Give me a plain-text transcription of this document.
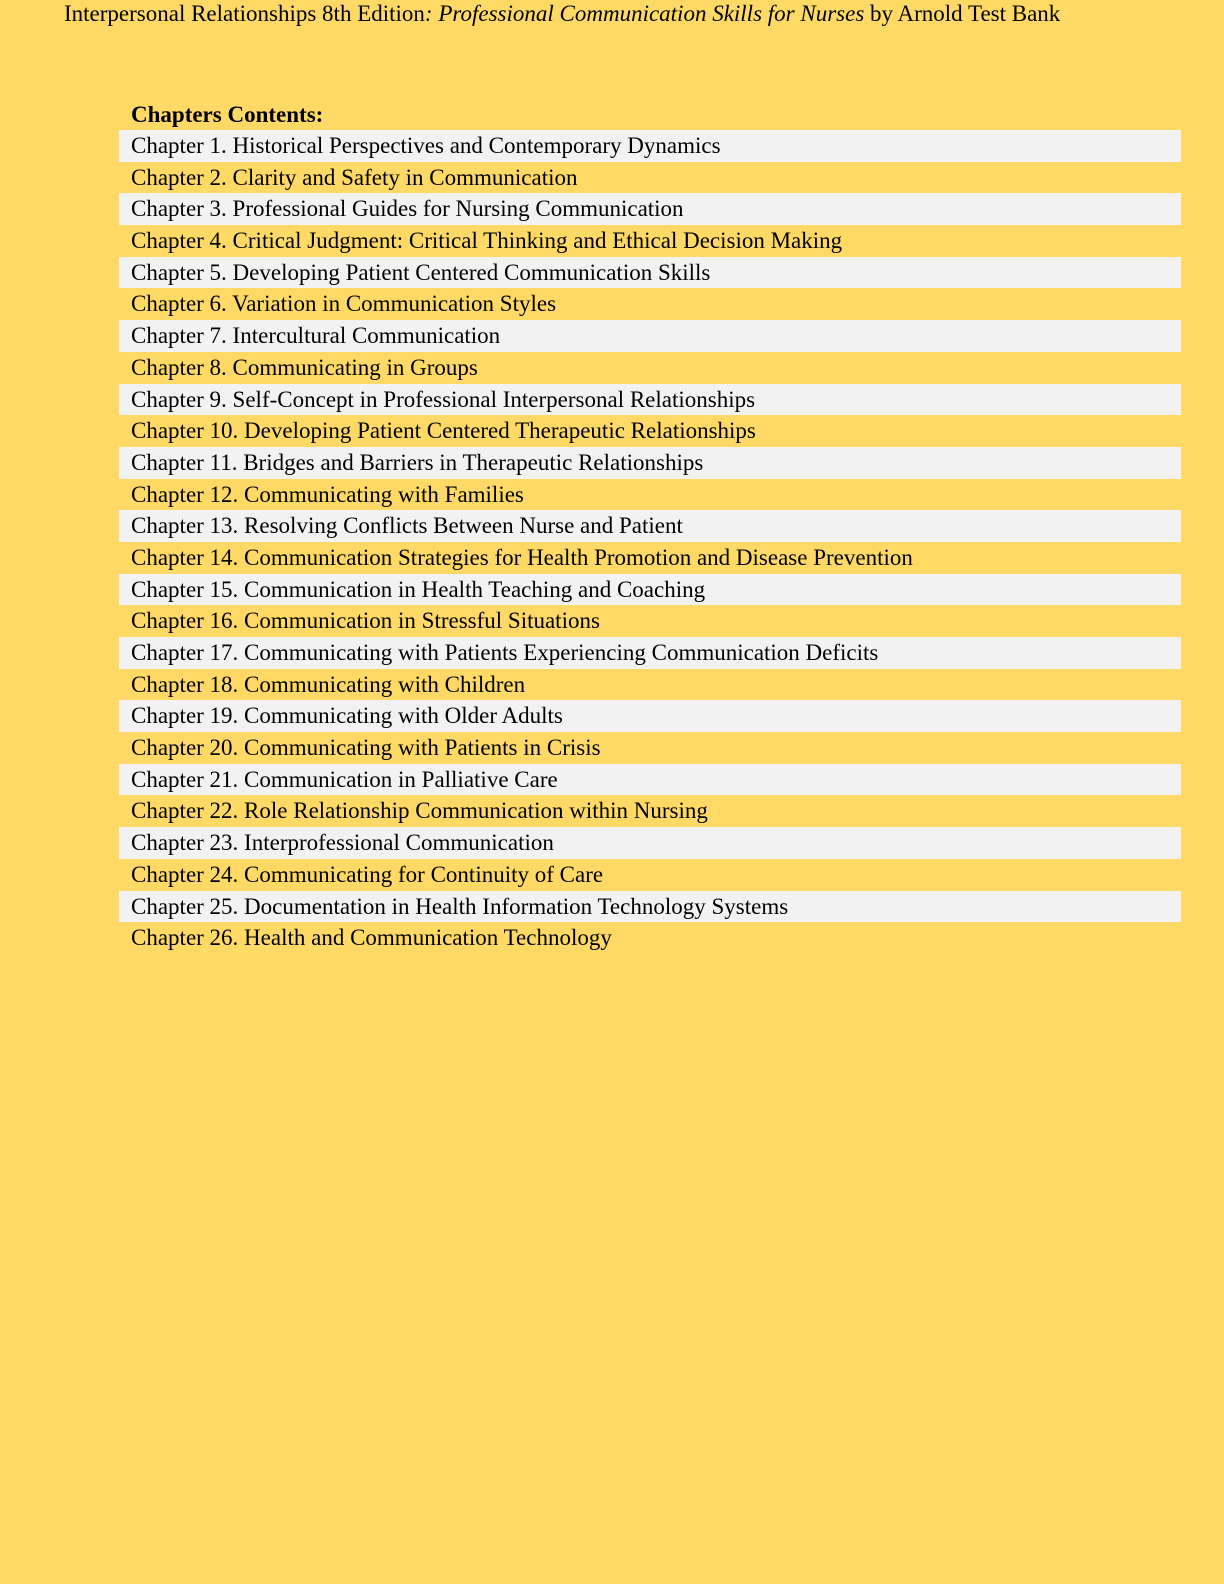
Interpersonal Relationships 8th Edition: Professional Communication Skills for Nurses by Arnold Test Bank
Chapters Contents:
Chapter 1. Historical Perspectives and Contemporary Dynamics
Chapter 2. Clarity and Safety in Communication
Chapter 3. Professional Guides for Nursing Communication
Chapter 4. Critical Judgment: Critical Thinking and Ethical Decision Making
Chapter 5. Developing Patient Centered Communication Skills
Chapter 6. Variation in Communication Styles
Chapter 7. Intercultural Communication
Chapter 8. Communicating in Groups
Chapter 9. Self-Concept in Professional Interpersonal Relationships
Chapter 10. Developing Patient Centered Therapeutic Relationships
Chapter 11. Bridges and Barriers in Therapeutic Relationships
Chapter 12. Communicating with Families
Chapter 13. Resolving Conflicts Between Nurse and Patient
Chapter 14. Communication Strategies for Health Promotion and Disease Prevention
Chapter 15. Communication in Health Teaching and Coaching
Chapter 16. Communication in Stressful Situations
Chapter 17. Communicating with Patients Experiencing Communication Deficits
Chapter 18. Communicating with Children
Chapter 19. Communicating with Older Adults
Chapter 20. Communicating with Patients in Crisis
Chapter 21. Communication in Palliative Care
Chapter 22. Role Relationship Communication within Nursing
Chapter 23. Interprofessional Communication
Chapter 24. Communicating for Continuity of Care
Chapter 25. Documentation in Health Information Technology Systems
Chapter 26. Health and Communication Technology
